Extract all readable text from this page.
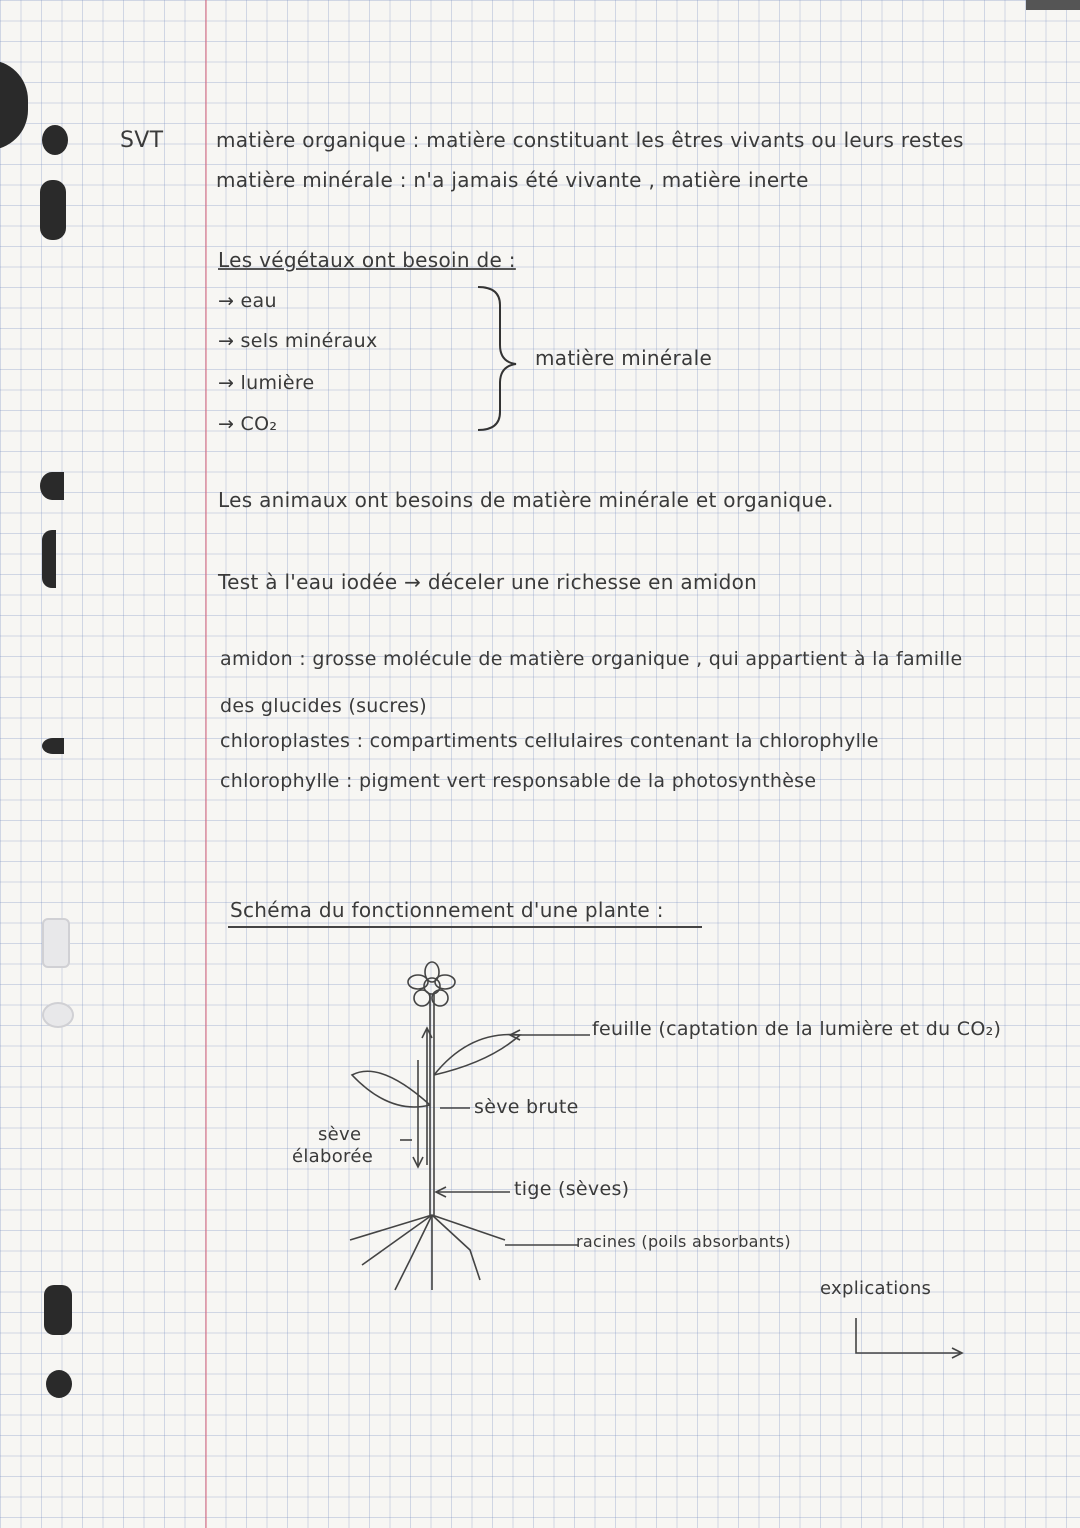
SVT	matière organique : matière constituant les êtres vivants ou leurs restes
matière minérale : n'a jamais été vivante , matière inerte
Les végétaux ont besoin de :
→ eau
→ sels minéraux
→ lumière
→ CO₂
matière minérale
Les animaux ont besoins de matière minérale et organique.
Test à l'eau iodée → déceler une richesse en amidon
amidon : grosse molécule de matière organique , qui appartient à la famille
des glucides (sucres)
chloroplastes : compartiments cellulaires contenant la chlorophylle
chlorophylle : pigment vert responsable de la photosynthèse
Schéma du fonctionnement d'une plante :
feuille (captation de la lumière et du CO₂)
sève brute
sève
élaborée
tige (sèves)
racines (poils absorbants)
explications
